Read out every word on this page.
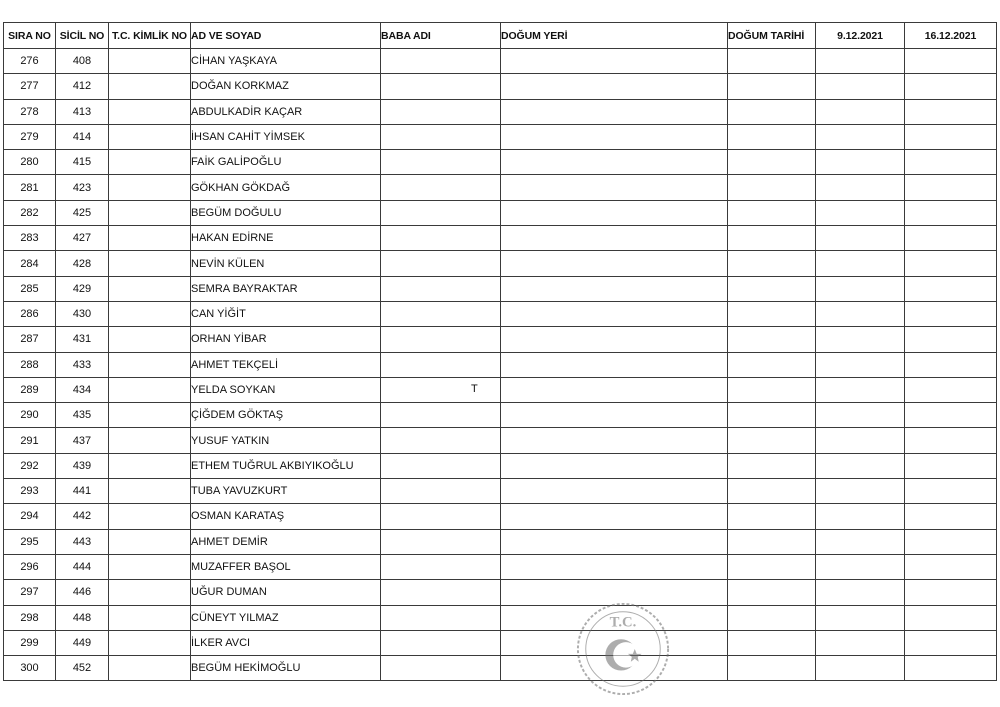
SIRA NO	SİCİL NO	T.C. KİMLİK NO	AD VE SOYAD	BABA ADI	DOĞUM YERİ	DOĞUM TARİHİ	9.12.2021	16.12.2021
276	408		CİHAN YAŞKAYA	

277	412		DOĞAN KORKMAZ	

278	413		ABDULKADİR KAÇAR	

279	414		İHSAN CAHİT YİMSEK	

280	415		FAİK GALİPOĞLU	

281	423		GÖKHAN GÖKDAĞ	

282	425		BEGÜM DOĞULU	

283	427		HAKAN EDİRNE	

284	428		NEVİN KÜLEN	

285	429		SEMRA BAYRAKTAR	

286	430		CAN YİĞİT	

287	431		ORHAN YİBAR	

288	433		AHMET TEKÇELİ	

289	434		YELDA SOYKAN	T				

290	435		ÇİĞDEM GÖKTAŞ	

291	437		YUSUF YATKIN	

292	439		ETHEM TUĞRUL AKBIYIKOĞLU	

293	441		TUBA YAVUZKURT	

294	442		OSMAN KARATAŞ	

295	443		AHMET DEMİR	

296	444		MUZAFFER BAŞOL	

297	446		UĞUR DUMAN	

298	448		CÜNEYT YILMAZ	

299	449		İLKER AVCI	

300	452		BEGÜM HEKİMOĞLU	

T.C.
